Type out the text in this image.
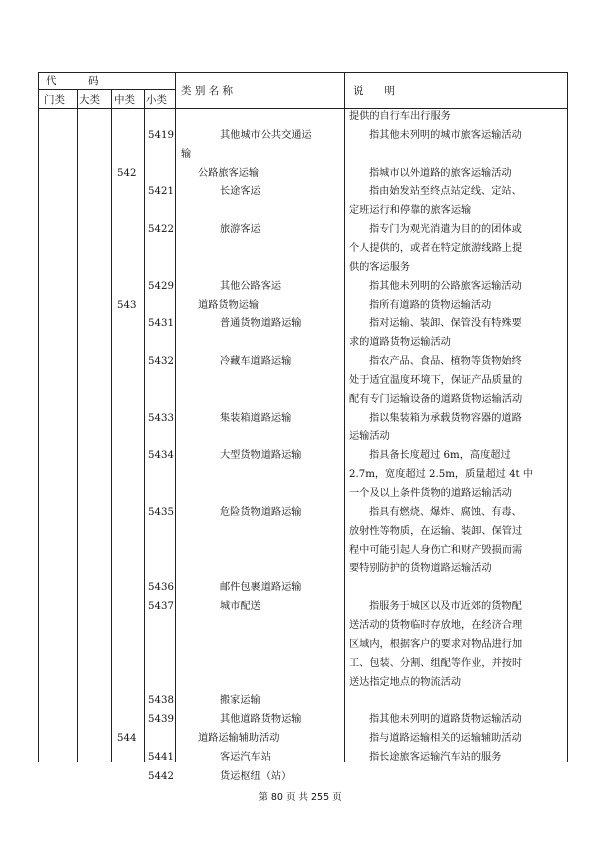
代　　　码
门类 大类 中类 小类
类 别 名 称	说　　明
提供的自行车出行服务
5419	其他城市公共交通运
输
指其他未列明的城市旅客运输活动
542	公路旅客运输	指城市以外道路的旅客运输活动
5421	长途客运	指由始发站至终点站定线、定站、
定班运行和停靠的旅客运输
5422	旅游客运	指专门为观光消遣为目的的团体或
个人提供的，或者在特定旅游线路上提
供的客运服务
5429	其他公路客运	指其他未列明的公路旅客运输活动
543	道路货物运输	指所有道路的货物运输活动
5431	普通货物道路运输	指对运输、装卸、保管没有特殊要
求的道路货物运输活动
5432	冷藏车道路运输	指农产品、食品、植物等货物始终
处于适宜温度环境下，保证产品质量的
配有专门运输设备的道路货物运输活动
5433	集装箱道路运输	指以集装箱为承载货物容器的道路
运输活动
5434	大型货物道路运输	指具备长度超过 6m，高度超过
2.7m，宽度超过 2.5m，质量超过 4t 中
一个及以上条件货物的道路运输活动
5435	危险货物道路运输	指具有燃烧、爆炸、腐蚀、有毒、
放射性等物质，在运输、装卸、保管过
程中可能引起人身伤亡和财产毁损而需
要特别防护的货物道路运输活动
5436	邮件包裹道路运输
5437	城市配送	指服务于城区以及市近郊的货物配
送活动的货物临时存放地，在经济合理
区域内，根据客户的要求对物品进行加
工、包装、分割、组配等作业，并按时
送达指定地点的物流活动
5438	搬家运输
5439	其他道路货物运输	指其他未列明的道路货物运输活动
544	道路运输辅助活动	指与道路运输相关的运输辅助活动
5441	客运汽车站	指长途旅客运输汽车站的服务
5442	货运枢纽（站）
第 80 页 共 255 页
